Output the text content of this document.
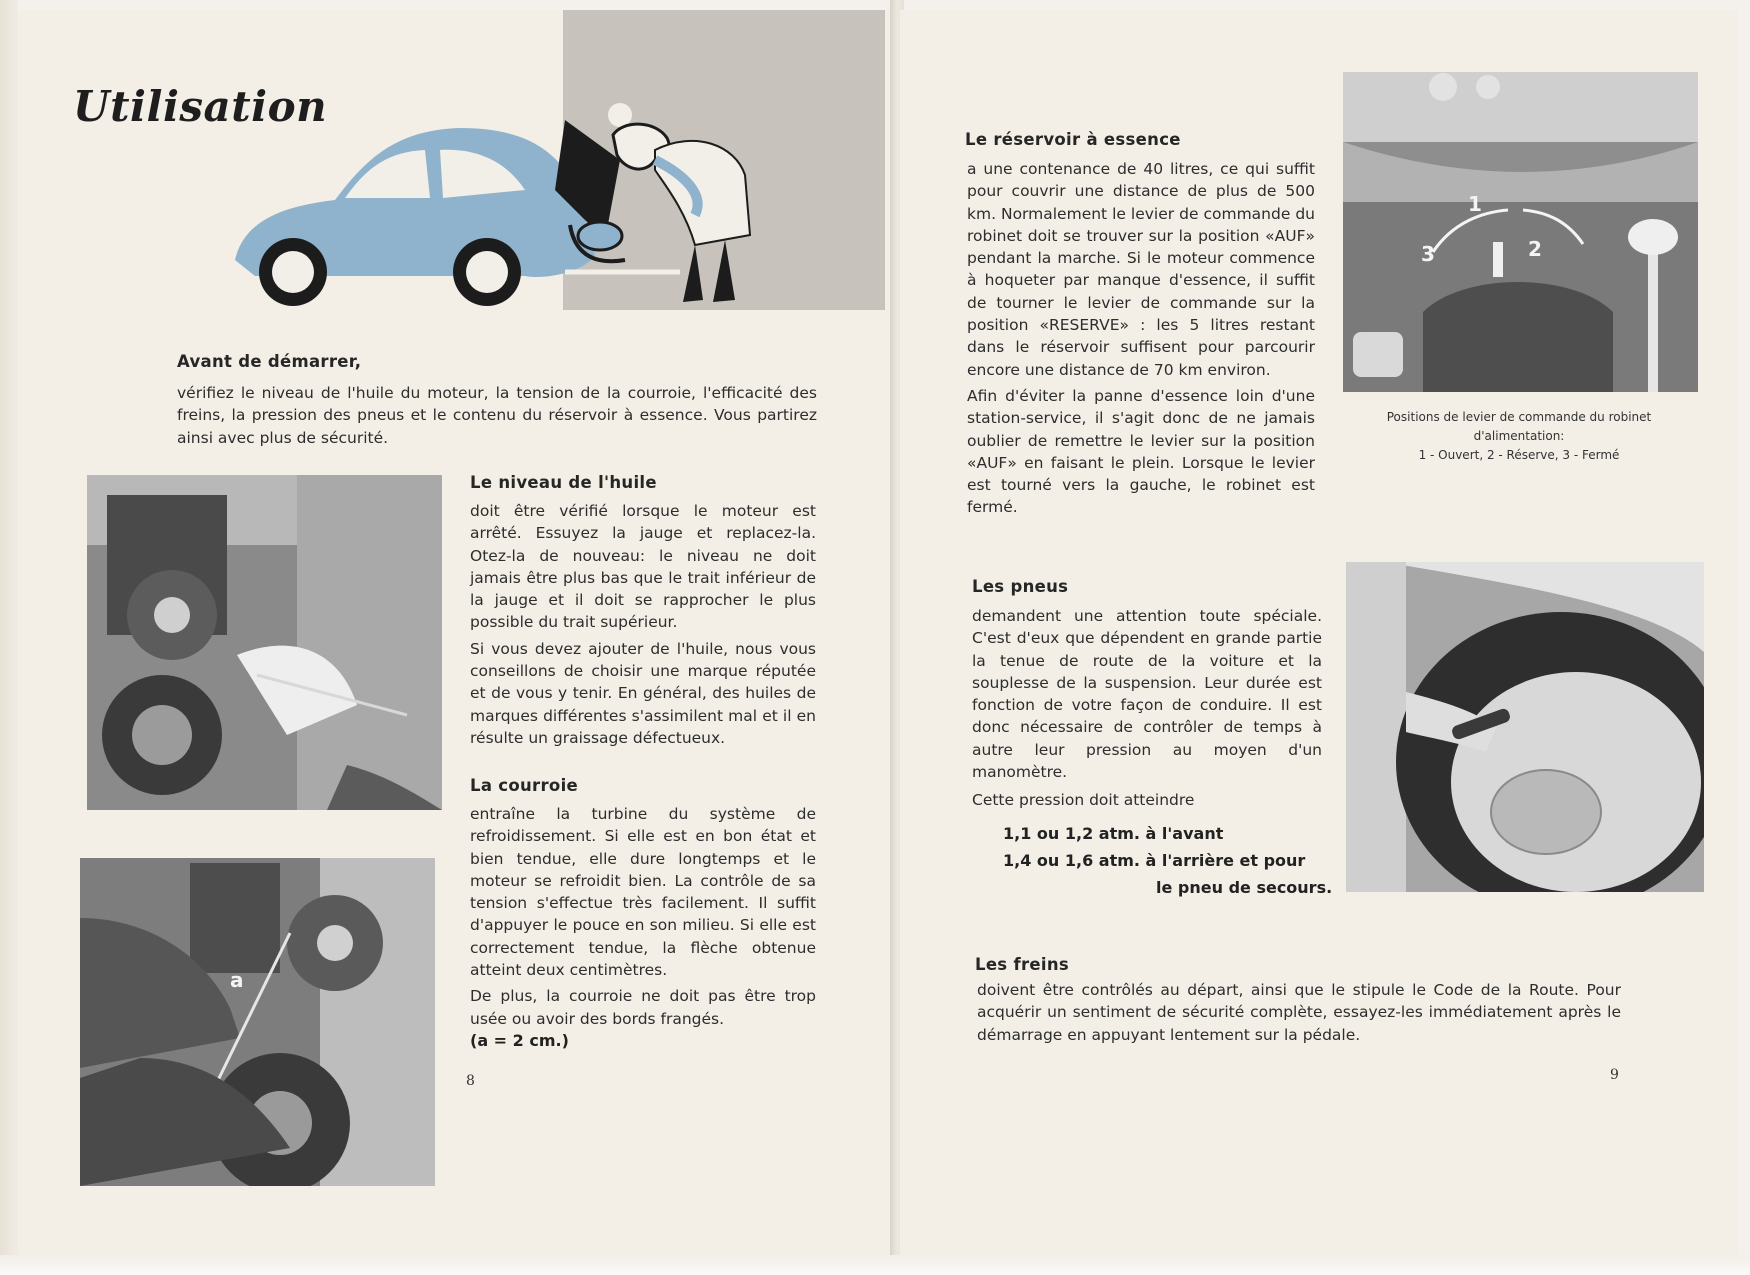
Utilisation
Avant de démarrer,
vérifiez le niveau de l'huile du moteur, la tension de la courroie, l'efficacité des freins, la pression des pneus et le contenu du réservoir à essence. Vous partirez ainsi avec plus de sécurité.
Le niveau de l'huile

doit être vérifié lorsque le moteur est arrêté. Essuyez la jauge et replacez-la. Otez-la de nouveau: le niveau ne doit jamais être plus bas que le trait inférieur de la jauge et il doit se rapprocher le plus possible du trait supérieur.

Si vous devez ajouter de l'huile, nous vous conseillons de choisir une marque réputée et de vous y tenir. En général, des huiles de marques différentes s'assimilent mal et il en résulte un graissage défectueux.

a
La courroie

entraîne la turbine du système de refroidissement. Si elle est en bon état et bien tendue, elle dure longtemps et le moteur se refroidit bien. La contrôle de sa tension s'effectue très facilement. Il suffit d'appuyer le pouce en son milieu. Si elle est correctement tendue, la flèche obtenue atteint deux centimètres.

De plus, la courroie ne doit pas être trop usée ou avoir des bords frangés.

(a = 2 cm.)

8
Le réservoir à essence

a une contenance de 40 litres, ce qui suffit pour couvrir une distance de plus de 500 km. Normalement le levier de commande du robinet doit se trouver sur la position «AUF» pendant la marche. Si le moteur commence à hoqueter par manque d'essence, il suffit de tourner le levier de commande sur la position «RESERVE» : les 5 litres restant dans le réservoir suffisent pour parcourir encore une distance de 70 km environ.

Afin d'éviter la panne d'essence loin d'une station-service, il s'agit donc de ne jamais oublier de remettre le levier sur la position «AUF» en faisant le plein. Lorsque le levier est tourné vers la gauche, le robinet est fermé.

1
2
3
Positions de levier de commande du robinet
d'alimentation:
1 - Ouvert, 2 - Réserve, 3 - Fermé
Les pneus

demandent une attention toute spéciale. C'est d'eux que dépendent en grande partie la tenue de route de la voiture et la souplesse de la suspension. Leur durée est fonction de votre façon de conduire. Il est donc nécessaire de contrôler de temps à autre leur pression au moyen d'un manomètre.

Cette pression doit atteindre

1,1 ou 1,2 atm. à l'avant
1,4 ou 1,6 atm. à l'arrière et pour
le pneu de secours.
Les freins
doivent être contrôlés au départ, ainsi que le stipule le Code de la Route. Pour acquérir un sentiment de sécurité complète, essayez-les immédiatement après le démarrage en appuyant lentement sur la pédale.
9
